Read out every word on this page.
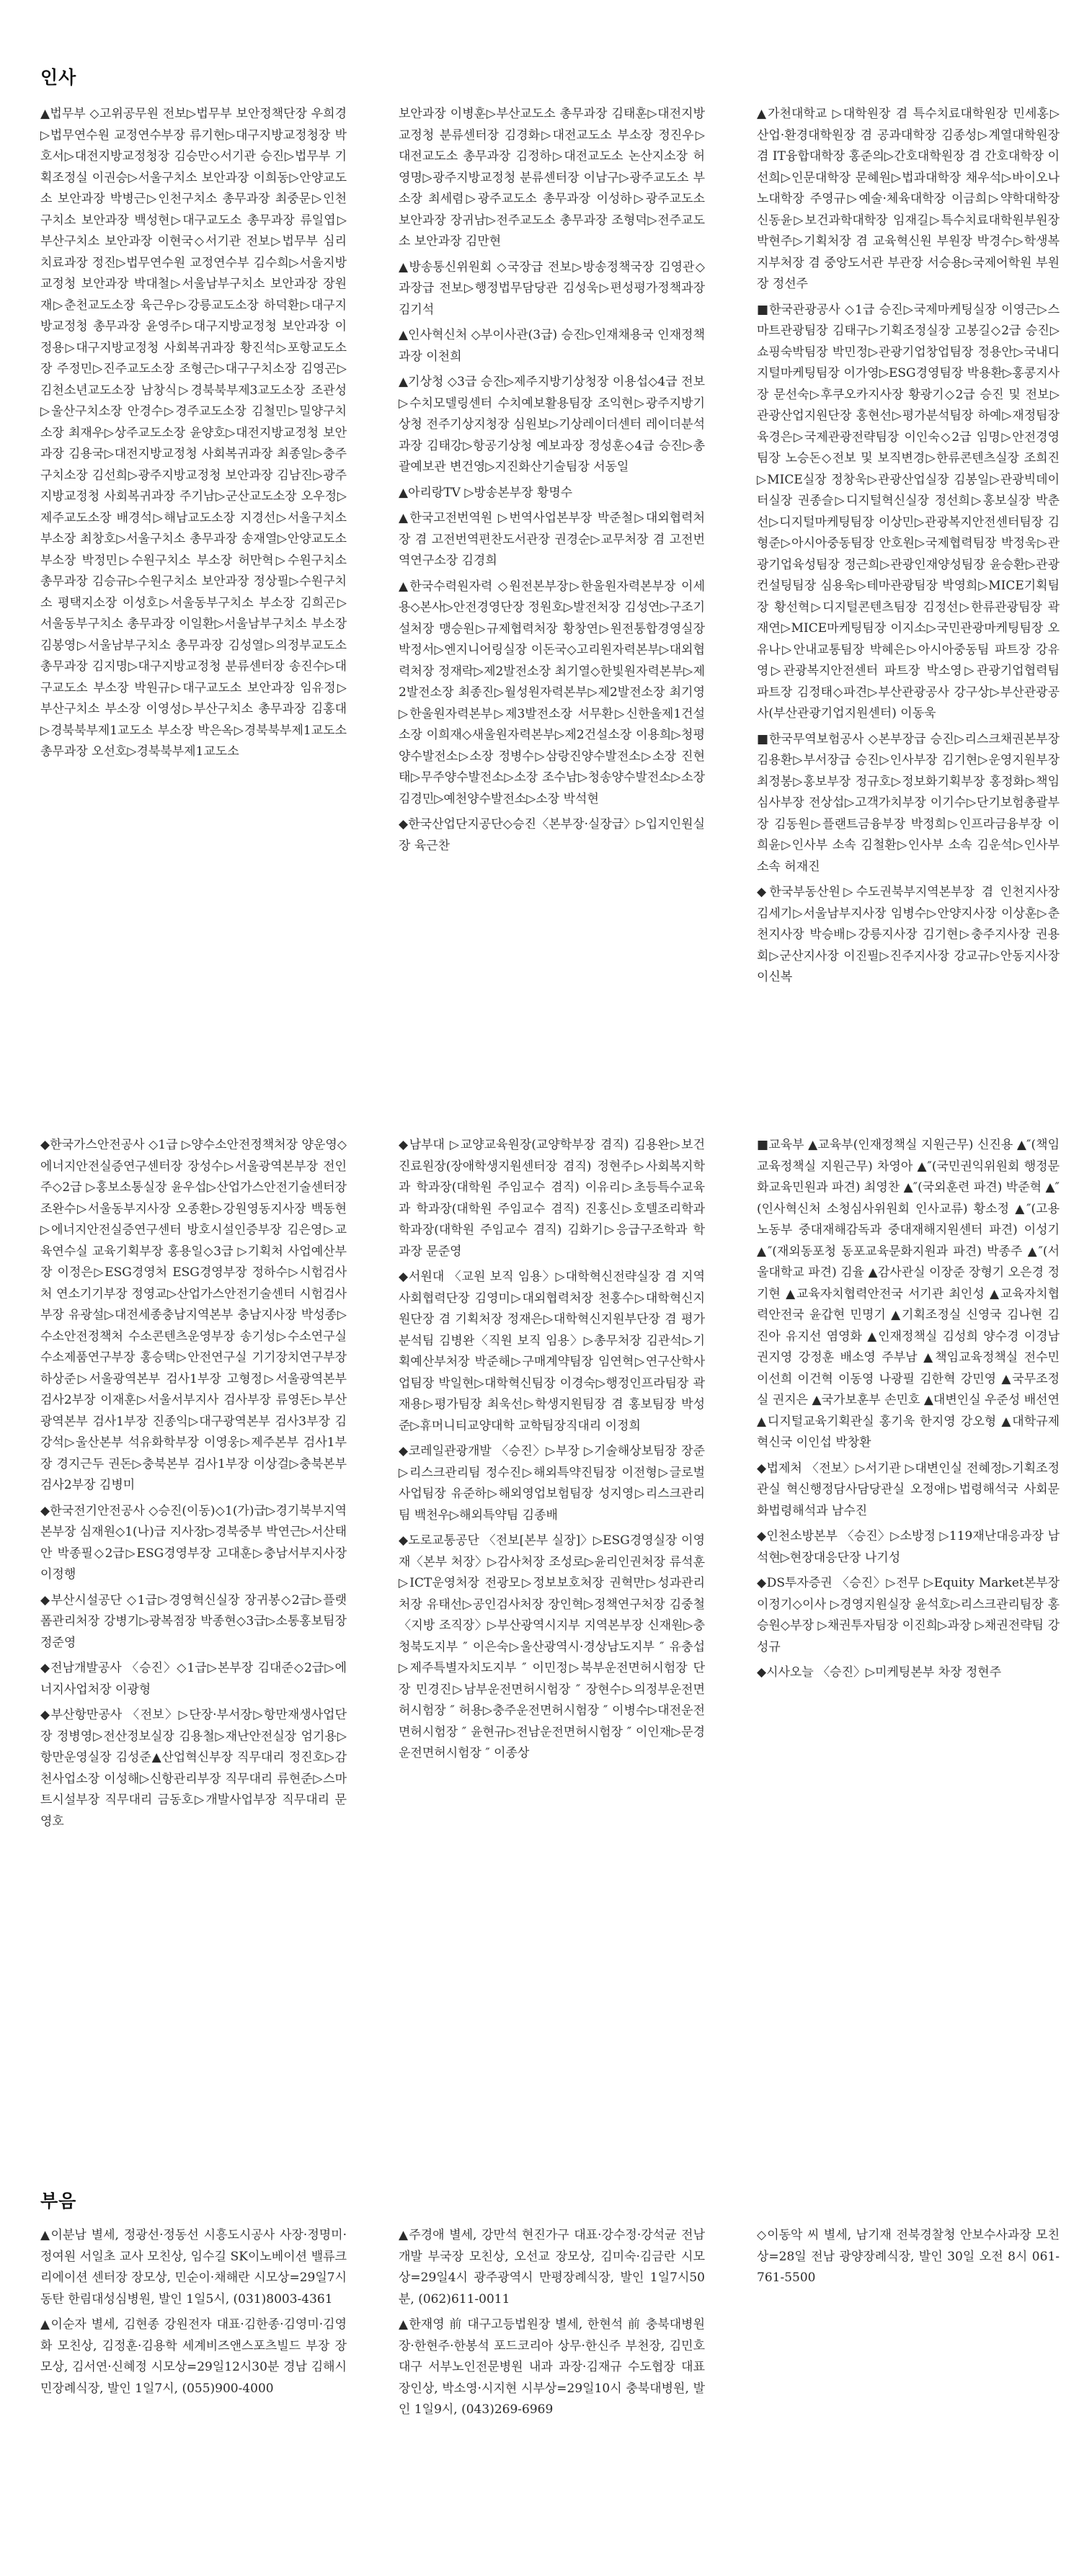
인사
▲법무부 ◇고위공무원 전보▷법무부 보안정책단장 우희경▷법무연수원 교정연수부장 류기현▷대구지방교정청장 박호서▷대전지방교정청장 김승만◇서기관 승진▷법무부 기획조정실 이권승▷서울구치소 보안과장 이희동▷안양교도소 보안과장 박병근▷인천구치소 총무과장 최중문▷인천구치소 보안과장 백성현▷대구교도소 총무과장 류일엽▷부산구치소 보안과장 이현국◇서기관 전보▷법무부 심리치료과장 정진▷법무연수원 교정연수부 김수희▷서울지방교정청 보안과장 박대철▷서울남부구치소 보안과장 장원재▷춘천교도소장 육근우▷강릉교도소장 하덕환▷대구지방교정청 총무과장 윤영주▷대구지방교정청 보안과장 이정용▷대구지방교정청 사회복귀과장 황진석▷포항교도소장 주정민▷진주교도소장 조형근▷대구구치소장 김영곤▷김천소년교도소장 남창식▷경북북부제3교도소장 조관성▷울산구치소장 안경수▷경주교도소장 김철민▷밀양구치소장 최재우▷상주교도소장 윤양호▷대전지방교정청 보안과장 김용국▷대전지방교정청 사회복귀과장 최종일▷충주구치소장 김선희▷광주지방교정청 보안과장 김남진▷광주지방교정청 사회복귀과장 주기남▷군산교도소장 오우정▷제주교도소장 배경석▷해남교도소장 지경선▷서울구치소 부소장 최창호▷서울구치소 총무과장 송재열▷안양교도소 부소장 박정민▷수원구치소 부소장 허만혁▷수원구치소 총무과장 김승규▷수원구치소 보안과장 정상필▷수원구치소 평택지소장 이성호▷서울동부구치소 부소장 김희곤▷서울동부구치소 총무과장 이일환▷서울남부구치소 부소장 김봉영▷서울남부구치소 총무과장 김성열▷의정부교도소 총무과장 김지명▷대구지방교정청 분류센터장 송진수▷대구교도소 부소장 박원규▷대구교도소 보안과장 임유정▷부산구치소 부소장 이영성▷부산구치소 총무과장 김홍대▷경북북부제1교도소 부소장 박은옥▷경북북부제1교도소 총무과장 오선호▷경북북부제1교도소
보안과장 이병훈▷부산교도소 총무과장 김태훈▷대전지방교정청 분류센터장 김경화▷대전교도소 부소장 정진우▷대전교도소 총무과장 김정하▷대전교도소 논산지소장 허영명▷광주지방교정청 분류센터장 이남구▷광주교도소 부소장 최세렴▷광주교도소 총무과장 이성하▷광주교도소 보안과장 장귀남▷전주교도소 총무과장 조형덕▷전주교도소 보안과장 김만현
▲방송통신위원회 ◇국장급 전보▷방송정책국장 김영관◇과장급 전보▷행정법무담당관 김성욱▷편성평가정책과장 김기석
▲인사혁신처 ◇부이사관(3급) 승진▷인재채용국 인재정책과장 이천희
▲기상청 ◇3급 승진▷제주지방기상청장 이용섭◇4급 전보▷수치모델링센터 수치예보활용팀장 조익현▷광주지방기상청 전주기상지청장 심원보▷기상레이더센터 레이더분석과장 김태강▷항공기상청 예보과장 정성훈◇4급 승진▷총괄예보관 변건영▷지진화산기술팀장 서동일
▲아리랑TV ▷방송본부장 황명수
▲한국고전번역원 ▷번역사업본부장 박준철▷대외협력처장 겸 고전번역편찬도서관장 권경순▷교무처장 겸 고전번역연구소장 김경희
▲한국수력원자력 ◇원전본부장▷한울원자력본부장 이세용◇본사▷안전경영단장 정원호▷발전처장 김성연▷구조기설처장 맹승원▷규제협력처장 황창연▷원전통합경영실장 박정서▷엔지니어링실장 이돈국◇고리원자력본부▷대외협력처장 정재락▷제2발전소장 최기열◇한빛원자력본부▷제2발전소장 최종진▷월성원자력본부▷제2발전소장 최기영▷한울원자력본부▷제3발전소장 서무환▷신한울제1건설소장 이희재◇새울원자력본부▷제2건설소장 이용희▷청평양수발전소▷소장 정병수▷삼랑진양수발전소▷소장 진현태▷무주양수발전소▷소장 조수남▷청송양수발전소▷소장 김경민▷예천양수발전소▷소장 박석현
◆한국산업단지공단◇승진〈본부장·실장급〉▷입지인원실장 육근찬
▲가천대학교 ▷대학원장 겸 특수치료대학원장 민세홍▷산업·환경대학원장 겸 공과대학장 김종성▷계열대학원장 겸 IT융합대학장 홍준의▷간호대학원장 겸 간호대학장 이선희▷인문대학장 문혜원▷법과대학장 채우석▷바이오나노대학장 주영규▷예술·체육대학장 이금희▷약학대학장 신동윤▷보건과학대학장 임재길▷특수치료대학원부원장 박현주▷기획처장 겸 교육혁신원 부원장 박경수▷학생복지부처장 겸 중앙도서관 부관장 서승용▷국제어학원 부원장 정선주
■한국관광공사 ◇1급 승진▷국제마케팅실장 이영근▷스마트관광팀장 김태구▷기획조정실장 고봉길◇2급 승진▷쇼핑숙박팀장 박민정▷관광기업창업팀장 정용안▷국내디지털마케팅팀장 이가영▷ESG경영팀장 박용환▷홍콩지사장 문선숙▷후쿠오카지사장 황광기◇2급 승진 및 전보▷관광산업지원단장 홍현선▷평가분석팀장 하예▷재정팀장 육경은▷국제관광전략팀장 이인숙◇2급 임명▷안전경영팀장 노승돈◇전보 및 보직변경▷한류콘텐츠실장 조희진▷MICE실장 정창욱▷관광산업실장 김봉일▷관광빅데이터실장 권종슬▷디지털혁신실장 정선희▷홍보실장 박춘선▷디지털마케팅팀장 이상민▷관광복지안전센터팀장 김형준▷아시아중동팀장 안호원▷국제협력팀장 박정욱▷관광기업육성팀장 정근희▷관광인재양성팀장 윤승환▷관광컨설팅팀장 심용욱▷테마관광팀장 박영희▷MICE기획팀장 황선혁▷디지털콘텐츠팀장 김정선▷한류관광팀장 곽재연▷MICE마케팅팀장 이지소▷국민관광마케팅팀장 오유나▷안내교통팀장 박혜은▷아시아중동팀 파트장 강유영▷관광복지안전센터 파트장 박소영▷관광기업협력팀 파트장 김정태◇파견▷부산관광공사 강구상▷부산관광공사(부산관광기업지원센터) 이동욱
■한국무역보험공사 ◇본부장급 승진▷리스크채권본부장 김용환▷부서장급 승진▷인사부장 김기현▷운영지원부장 최정봉▷홍보부장 정규호▷정보화기획부장 홍정화▷책임심사부장 전상섭▷고객가치부장 이기수▷단기보험총괄부장 김동원▷플랜트금융부장 박정희▷인프라금융부장 이희윤▷인사부 소속 김철환▷인사부 소속 김운석▷인사부 소속 허재진
◆한국부동산원▷수도권북부지역본부장 겸 인천지사장 김세기▷서울남부지사장 임병수▷안양지사장 이상훈▷춘천지사장 박승배▷강릉지사장 김기현▷충주지사장 권용회▷군산지사장 이진필▷진주지사장 강교규▷안동지사장 이신복
◆한국가스안전공사 ◇1급 ▷양수소안전정책처장 양운영◇에너지안전실증연구센터장 장성수▷서울광역본부장 전인주◇2급 ▷홍보소통실장 윤우섭▷산업가스안전기술센터장 조완수▷서울동부지사장 오종환▷강원영동지사장 백동현▷에너지안전실증연구센터 방호시설인증부장 김은영▷교육연수실 교육기획부장 홍용일◇3급 ▷기획처 사업예산부장 이정은▷ESG경영처 ESG경영부장 정하수▷시험검사처 연소기기부장 정영교▷산업가스안전기술센터 시험검사부장 유광설▷대전세종충남지역본부 충남지사장 박성종▷수소안전정책처 수소콘텐츠운영부장 송기성▷수소연구실 수소제품연구부장 홍승택▷안전연구실 기기장치연구부장 하상준▷서울광역본부 검사1부장 고형정▷서울광역본부 검사2부장 이재훈▷서울서부지사 검사부장 류영돈▷부산광역본부 검사1부장 진종익▷대구광역본부 검사3부장 김강석▷울산본부 석유화학부장 이영웅▷제주본부 검사1부장 경지근두 권돈▷충북본부 검사1부장 이상걸▷충북본부 검사2부장 김병미
◆한국전기안전공사 ◇승진(이동)◇1(가)급▷경기북부지역본부장 심재원◇1(나)급 지사장▷경북중부 박연근▷서산태안 박종필◇2급▷ESG경영부장 고대훈▷충남서부지사장 이정행
◆부산시설공단 ◇1급▷경영혁신실장 장귀봉◇2급▷플랫폼관리처장 강병기▷광복점장 박종현◇3급▷소통홍보팀장 정준영
◆전남개발공사 〈승진〉◇1급▷본부장 김대준◇2급▷에너지사업처장 이광형
◆부산항만공사 〈전보〉▷단장·부서장▷항만재생사업단장 정병영▷전산정보실장 김용철▷재난안전실장 엄기용▷항만운영실장 김성준▲산업혁신부장 직무대리 정진호▷감천사업소장 이성해▷신항관리부장 직무대리 류현준▷스마트시설부장 직무대리 금동호▷개발사업부장 직무대리 문영호
◆남부대 ▷교양교육원장(교양학부장 겸직) 김용완▷보건진료원장(장애학생지원센터장 겸직) 정현주▷사회복지학과 학과장(대학원 주임교수 겸직) 이유리▷초등특수교육과 학과장(대학원 주임교수 겸직) 진홍신▷호텔조리학과 학과장(대학원 주임교수 겸직) 김화기▷응급구조학과 학과장 문준영
◆서원대 〈교원 보직 임용〉▷대학혁신전략실장 겸 지역사회협력단장 김영미▷대외협력처장 천홍수▷대학혁신지원단장 겸 기획처장 정재은▷대학혁신지원부단장 겸 평가분석팀 김병완〈직원 보직 임용〉▷총무처장 김관석▷기획예산부처장 박준해▷구매계약팀장 임연혁▷연구산학사업팀장 박일현▷대학혁신팀장 이경숙▷행정인프라팀장 곽재용▷평가팀장 최욱선▷학생지원팀장 겸 홍보팀장 박성준▷휴머니티교양대학 교학팀장직대리 이정희
◆코레일관광개발 〈승진〉▷부장 ▷기술해상보팀장 장준▷리스크관리팀 정수진▷해외특약진팀장 이전형▷글로벌사업팀장 유준하▷해외영업보험팀장 성지영▷리스크관리팀 백천우▷해외특약팀 김종배
◆도로교통공단 〈전보[본부 실장]〉▷ESG경영실장 이영재〈본부 처장〉▷감사처장 조성로▷윤리인권처장 류석훈▷ICT운영처장 전광모▷정보보호처장 권혁만▷성과관리처장 유태선▷공인검사처장 장인혁▷정책연구처장 김중철〈지방 조직장〉▷부산광역시지부 지역본부장 신재원▷충청북도지부 ″ 이은숙▷울산광역시·경상남도지부 ″ 유충섭▷제주특별자치도지부 ″ 이민정▷북부운전면허시험장 단장 민경진▷남부운전면허시험장 ″ 장현수▷의정부운전면허시험장 ″ 허용▷충주운전면허시험장 ″ 이병수▷대전운전면허시험장 ″ 윤현규▷전남운전면허시험장 ″ 이인재▷문경운전면허시험장 ″ 이종상
■교육부 ▲교육부(인재정책실 지원근무) 신진용 ▲″(책임교육정책실 지원근무) 차영아 ▲″(국민권익위원회 행정문화교육민원과 파견) 최영찬 ▲″(국외훈련 파견) 박준혁 ▲″(인사혁신처 소청심사위원회 인사교류) 황소정 ▲″(고용노동부 중대재해감독과 중대재해지원센터 파견) 이성기 ▲″(재외동포청 동포교육문화지원과 파견) 박종주 ▲″(서울대학교 파견) 김율 ▲감사관실 이장준 장형기 오은경 정기현 ▲교육자치협력안전국 서기관 최인성 ▲교육자치협력안전국 윤갑현 민명기 ▲기획조정실 신영국 김나현 김진아 유지선 염영화 ▲인재정책실 김성희 양수경 이경남 권지영 강정훈 배소영 주부남 ▲책임교육정책실 전수민 이선희 이건혁 이동영 나광필 김한혁 강민영 ▲국무조정실 권지은 ▲국가보훈부 손민호 ▲대변인실 우준성 배선연 ▲디지털교육기획관실 홍기욱 한지영 강오형 ▲대학규제혁신국 이인섭 박창환
◆법제처 〈전보〉▷서기관 ▷대변인실 전혜정▷기획조정관실 혁신행정담사담당관실 오정애▷법령해석국 사회문화법령해석과 남수진
◆인천소방본부 〈승진〉▷소방정 ▷119재난대응과장 남석현▷현장대응단장 나기성
◆DS투자증권 〈승진〉▷전무 ▷Equity Market본부장 이정기◇이사 ▷경영지원실장 윤석호▷리스크관리팀장 홍승원◇부장 ▷채권투자팀장 이진희▷과장 ▷채권전략팀 강성규
◆시사오늘 〈승진〉▷미케팅본부 차장 정현주
부음
▲이분남 별세, 정광선·정동선 시흥도시공사 사장·정명미·정여원 서일초 교사 모친상, 임수길 SK이노베이션 밸류크리에이션 센터장 장모상, 민순이·채해란 시모상=29일7시 동탄 한림대성심병원, 발인 1일5시, (031)8003-4361
▲이순자 별세, 김현종 강원전자 대표·김한종·김영미·김영화 모친상, 김정훈·김용학 세계비즈앤스포츠빌드 부장 장모상, 김서연·신혜정 시모상=29일12시30분 경남 김해시민장례식장, 발인 1일7시, (055)900-4000
▲주경애 별세, 강만석 현진가구 대표·강수정·강석균 전남개발 부국장 모친상, 오선교 장모상, 김미숙·김금란 시모상=29일4시 광주광역시 만평장례식장, 발인 1일7시50분, (062)611-0011
▲한재영 前 대구고등법원장 별세, 한현석 前 충북대병원장·한현주·한봉석 포드코리아 상무·한신주 부천장, 김민호 대구 서부노인전문병원 내과 과장·김재규 수도협장 대표 장인상, 박소영·시지현 시부상=29일10시 충북대병원, 발인 1일9시, (043)269-6969
◇이동악 씨 별세, 남기재 전북경찰청 안보수사과장 모친상=28일 전남 광양장례식장, 발인 30일 오전 8시 061-761-5500
